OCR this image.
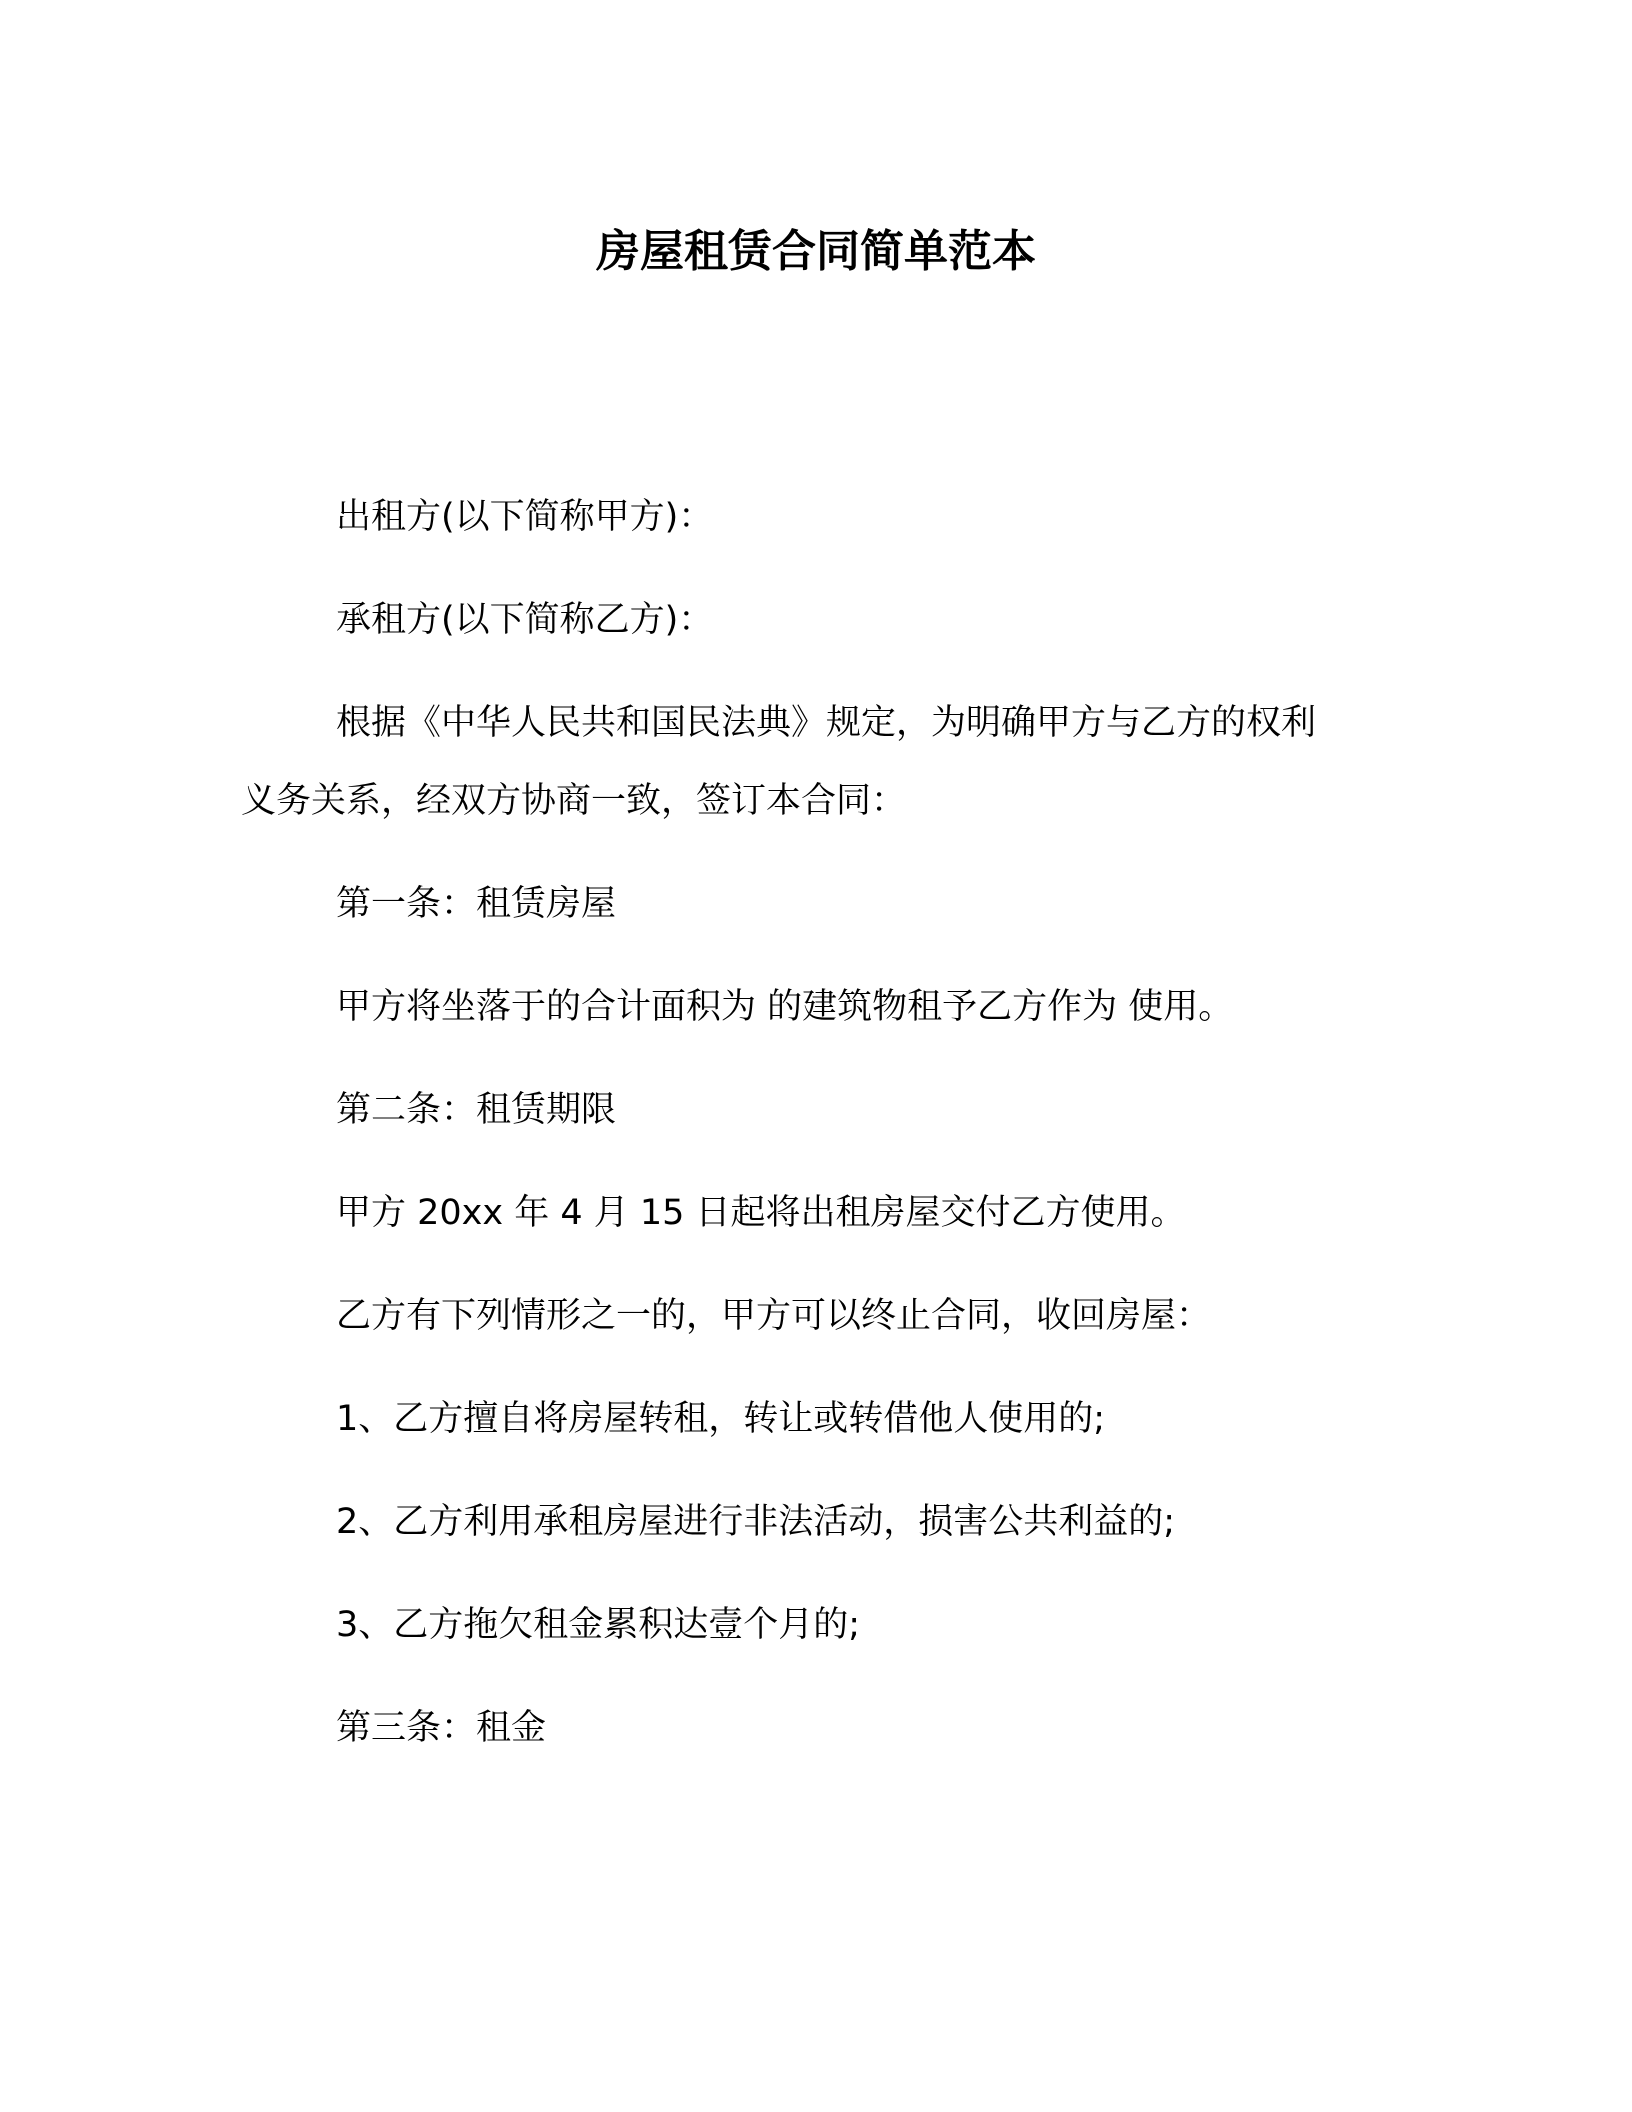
房屋租赁合同简单范本
出租方(以下简称甲方)：
承租方(以下简称乙方)：
根据《中华人民共和国民法典》规定，为明确甲方与乙方的权利
义务关系，经双方协商一致，签订本合同：
第一条：租赁房屋
甲方将坐落于的合计面积为 的建筑物租予乙方作为 使用。
第二条：租赁期限
甲方 20xx 年 4 月 15 日起将出租房屋交付乙方使用。
乙方有下列情形之一的，甲方可以终止合同，收回房屋：
1、乙方擅自将房屋转租，转让或转借他人使用的;
2、乙方利用承租房屋进行非法活动，损害公共利益的;
3、乙方拖欠租金累积达壹个月的;
第三条：租金
